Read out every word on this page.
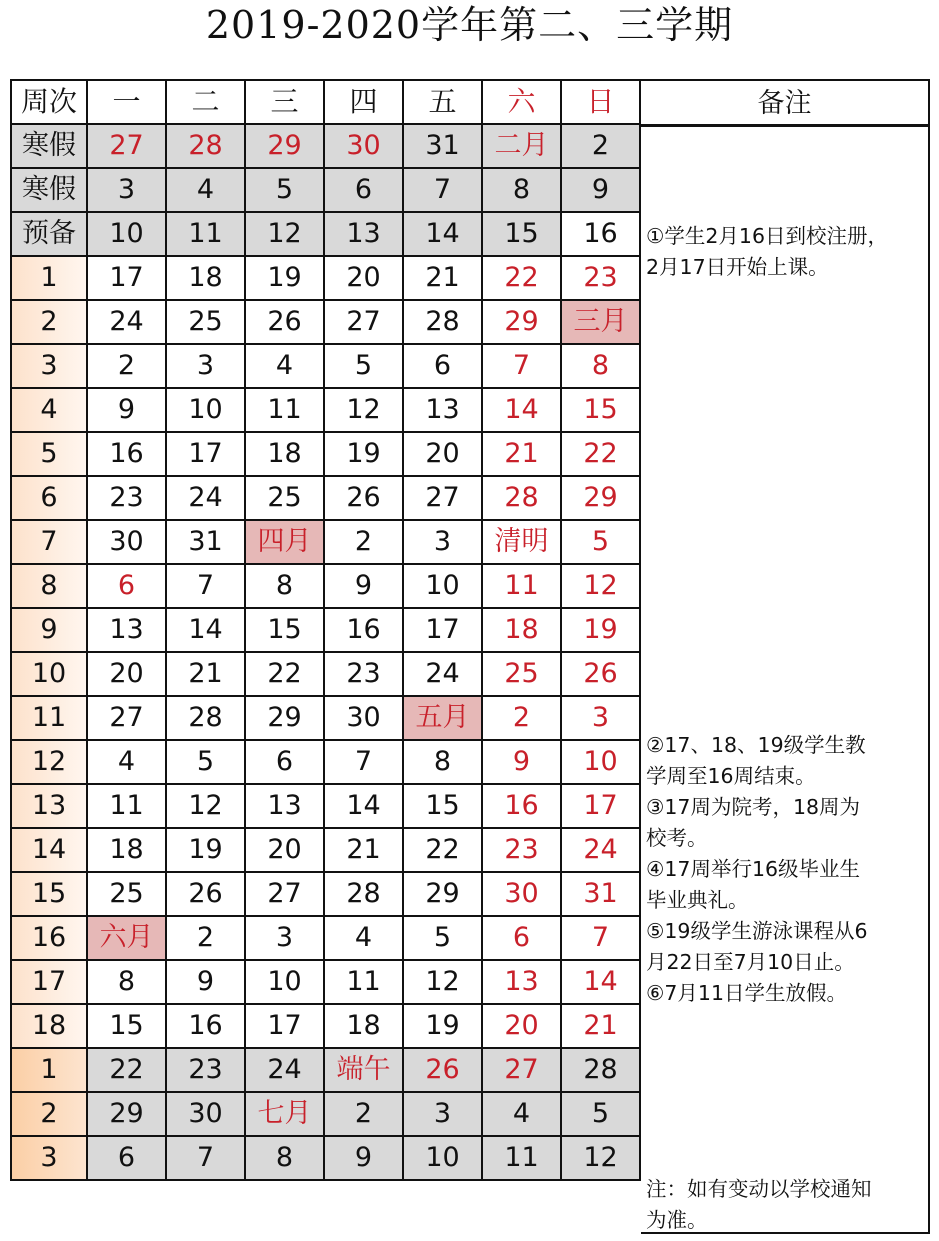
2019-2020学年第二、三学期
周次	一	二	三	四	五	六	日
寒假	27	28	29	30	31	二月	2
寒假	3	4	5	6	7	8	9
预备	10	11	12	13	14	15	16
1	17	18	19	20	21	22	23
2	24	25	26	27	28	29	三月
3	2	3	4	5	6	7	8
4	9	10	11	12	13	14	15
5	16	17	18	19	20	21	22
6	23	24	25	26	27	28	29
7	30	31	四月	2	3	清明	5
8	6	7	8	9	10	11	12
9	13	14	15	16	17	18	19
10	20	21	22	23	24	25	26
11	27	28	29	30	五月	2	3
12	4	5	6	7	8	9	10
13	11	12	13	14	15	16	17
14	18	19	20	21	22	23	24
15	25	26	27	28	29	30	31
16	六月	2	3	4	5	6	7
17	8	9	10	11	12	13	14
18	15	16	17	18	19	20	21
1	22	23	24	端午	26	27	28
2	29	30	七月	2	3	4	5
3	6	7	8	9	10	11	12
备注
①学生2月16日到校注册，
2月17日开始上课。
②17、18、19级学生教
学周至16周结束。
③17周为院考，18周为
校考。
④17周举行16级毕业生
毕业典礼。
⑤19级学生游泳课程从6
月22日至7月10日止。
⑥7月11日学生放假。
注：如有变动以学校通知
为准。
